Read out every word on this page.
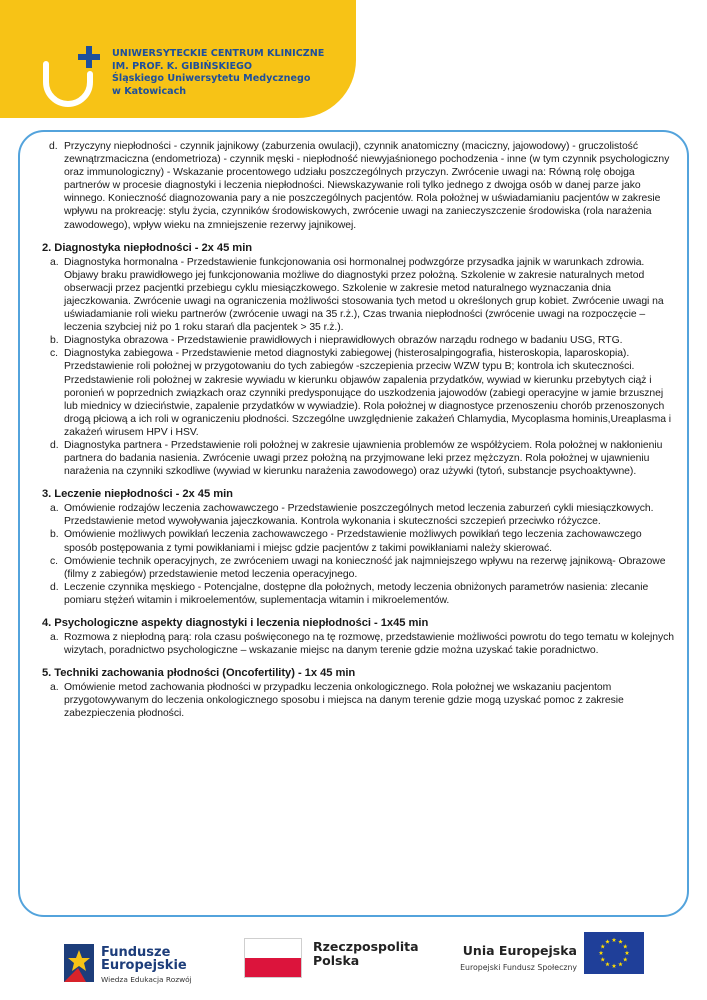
UNIWERSYTECKIE CENTRUM KLINICZNE
IM. PROF. K. GIBIŃSKIEGO
Śląskiego Uniwersytetu Medycznego
w Katowicach
d. Przyczyny niepłodności - czynnik jajnikowy (zaburzenia owulacji), czynnik anatomiczny (maciczny, jajowodowy) - gruczolistość zewnątrzmaciczna (endometrioza) - czynnik męski - niepłodność niewyjaśnionego pochodzenia - inne (w tym czynnik psychologiczny oraz immunologiczny) - Wskazanie procentowego udziału poszczególnych przyczyn. Zwrócenie uwagi na: Równą rolę obojga partnerów w procesie diagnostyki i leczenia niepłodności. Niewskazywanie roli tylko jednego z dwojga osób w danej parze jako winnego. Konieczność diagnozowania pary a nie poszczególnych pacjentów. Rola położnej w uświadamianiu pacjentów w zakresie wpływu na prokreację: stylu życia, czynników środowiskowych, zwrócenie uwagi na zanieczyszczenie środowiska (rola narażenia zawodowego), wpływ wieku na zmniejszenie rezerwy jajnikowej.
2. Diagnostyka niepłodności - 2x 45 min
a. Diagnostyka hormonalna - Przedstawienie funkcjonowania osi hormonalnej podwzgórze przysadka jajnik w warunkach zdrowia. Objawy braku prawidłowego jej funkcjonowania możliwe do diagnostyki przez położną. Szkolenie w zakresie naturalnych metod obserwacji przez pacjentki przebiegu cyklu miesiączkowego. Szkolenie w zakresie metod naturalnego wyznaczania dnia jajeczkowania. Zwrócenie uwagi na ograniczenia możliwości stosowania tych metod u określonych grup kobiet. Zwrócenie uwagi na uświadamianie roli wieku partnerów (zwrócenie uwagi na 35 r.ż.), Czas trwania niepłodności (zwrócenie uwagi na rozpoczęcie – leczenia szybciej niż po 1 roku starań dla pacjentek > 35 r.ż.).
b. Diagnostyka obrazowa - Przedstawienie prawidłowych i nieprawidłowych obrazów narządu rodnego w badaniu USG, RTG.
c. Diagnostyka zabiegowa - Przedstawienie metod diagnostyki zabiegowej (histerosalpingografia, histeroskopia, laparoskopia). Przedstawienie roli położnej w przygotowaniu do tych zabiegów -szczepienia przeciw WZW typu B; kontrola ich skuteczności. Przedstawienie roli położnej w zakresie wywiadu w kierunku objawów zapalenia przydatków, wywiad w kierunku przebytych ciąż i poronień w poprzednich związkach oraz czynniki predysponujące do uszkodzenia jajowodów (zabiegi operacyjne w jamie brzusznej lub miednicy w dzieciństwie, zapalenie przydatków w wywiadzie). Rola położnej w diagnostyce przenoszeniu chorób przenoszonych drogą płciową a ich roli w ograniczeniu płodności. Szczególne uwzględnienie zakażeń Chlamydia, Mycoplasma hominis,Ureaplasma i zakażeń wirusem HPV i HSV.
d. Diagnostyka partnera - Przedstawienie roli położnej w zakresie ujawnienia problemów ze współżyciem. Rola położnej w nakłonieniu partnera do badania nasienia. Zwrócenie uwagi przez położną na przyjmowane leki przez mężczyzn. Rola położnej w ujawnieniu narażenia na czynniki szkodliwe (wywiad w kierunku narażenia zawodowego) oraz używki (tytoń, substancje psychoaktywne).
3. Leczenie niepłodności - 2x 45 min
a. Omówienie rodzajów leczenia zachowawczego - Przedstawienie poszczególnych metod leczenia zaburzeń cykli miesiączkowych. Przedstawienie metod wywoływania jajeczkowania. Kontrola wykonania i skuteczności szczepień przeciwko różyczce.
b. Omówienie możliwych powikłań leczenia zachowawczego - Przedstawienie możliwych powikłań tego leczenia zachowawczego sposób postępowania z tymi powikłaniami i miejsc gdzie pacjentów z takimi powikłaniami należy skierować.
c. Omówienie technik operacyjnych, ze zwróceniem uwagi na konieczność jak najmniejszego wpływu na rezerwę jajnikową- Obrazowe (filmy z zabiegów) przedstawienie metod leczenia operacyjnego.
d. Leczenie czynnika męskiego - Potencjalne, dostępne dla położnych, metody leczenia obniżonych parametrów nasienia: zlecanie pomiaru stężeń witamin i mikroelementów, suplementacja witamin i mikroelementów.
4. Psychologiczne aspekty diagnostyki i leczenia niepłodności - 1x45 min
a. Rozmowa z niepłodną parą: rola czasu poświęconego na tę rozmowę, przedstawienie możliwości powrotu do tego tematu w kolejnych wizytach, poradnictwo psychologiczne – wskazanie miejsc na danym terenie gdzie można uzyskać takie poradnictwo.
5. Techniki zachowania płodności (Oncofertility) - 1x 45 min
a. Omówienie metod zachowania płodności w przypadku leczenia onkologicznego. Rola położnej we wskazaniu pacjentom przygotowywanym do leczenia onkologicznego sposobu i miejsca na danym terenie gdzie mogą uzyskać pomoc z zakresie zabezpieczenia płodności.
Fundusze
Europejskie
Wiedza Edukacja Rozwój
Rzeczpospolita
Polska
Unia Europejska
Europejski Fundusz Społeczny
